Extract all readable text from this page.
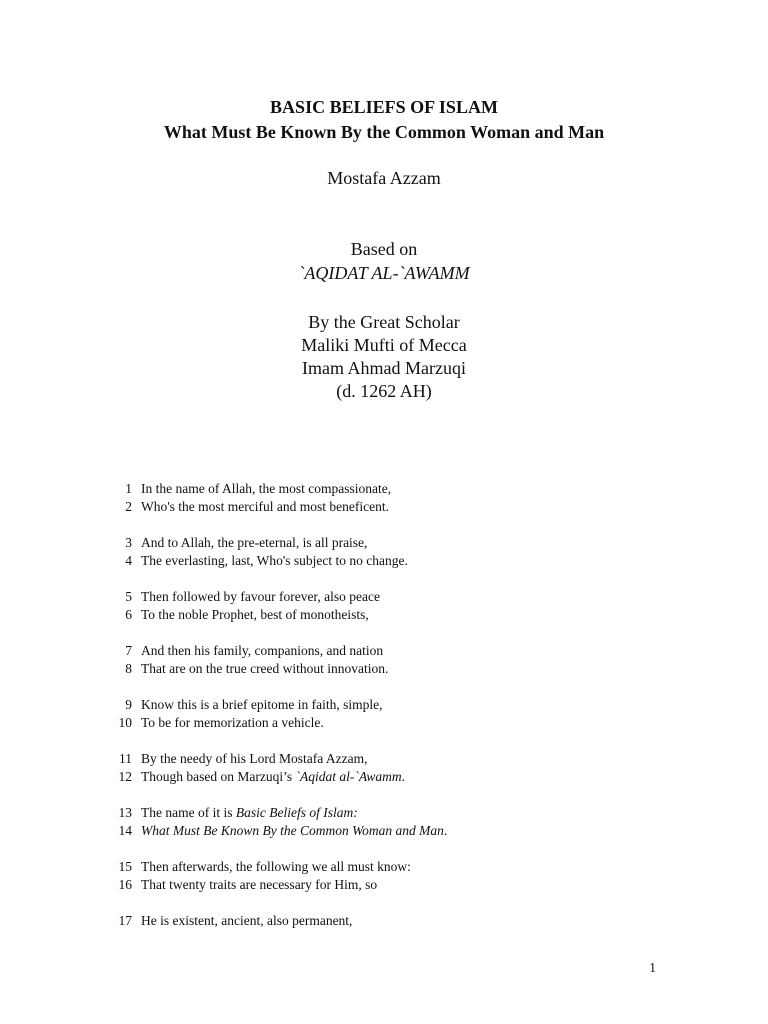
BASIC BELIEFS OF ISLAM
What Must Be Known By the Common Woman and Man
Mostafa Azzam
Based on
`AQIDAT AL-`AWAMM
By the Great Scholar
Maliki Mufti of Mecca
Imam Ahmad Marzuqi
(d. 1262 AH)
1 In the name of Allah, the most compassionate,
2 Who's the most merciful and most beneficent.
3 And to Allah, the pre-eternal, is all praise,
4 The everlasting, last, Who's subject to no change.
5 Then followed by favour forever, also peace
6 To the noble Prophet, best of monotheists,
7 And then his family, companions, and nation
8 That are on the true creed without innovation.
9 Know this is a brief epitome in faith, simple,
10 To be for memorization a vehicle.
11 By the needy of his Lord Mostafa Azzam,
12 Though based on Marzuqi’s `Aqidat al-`Awamm.
13 The name of it is Basic Beliefs of Islam:
14 What Must Be Known By the Common Woman and Man.
15 Then afterwards, the following we all must know:
16 That twenty traits are necessary for Him, so
17 He is existent, ancient, also permanent,
1
